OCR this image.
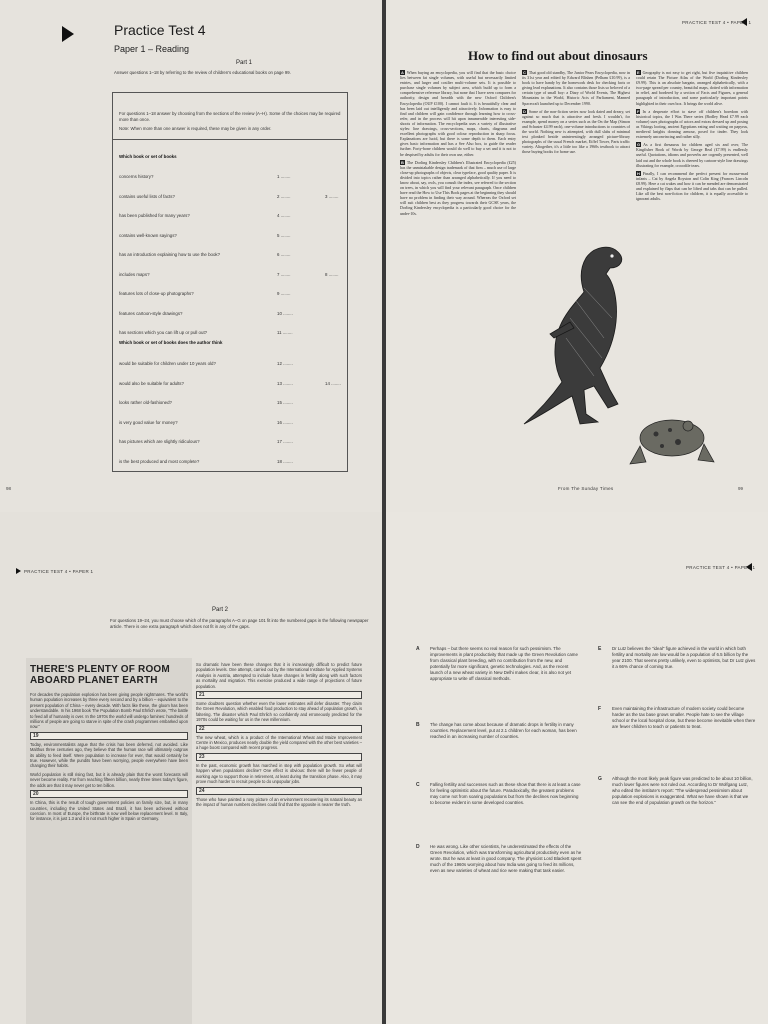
Practice Test 4
Paper 1 – Reading
Part 1
Answer questions 1–18 by referring to the review of children's educational books on page 99.
For questions 1–18 answer by choosing from the sections of the review (A–H). Some of the choices may be required more than once.
Note: When more than one answer is required, these may be given in any order.
Which book or set of books
concerns history?	1 ........
contains useful lists of facts?	2 ........	3 ........
has been published for many years?	4 ........
contains well-known sayings?	5 ........
has an introduction explaining how to use the book?	6 ........
includes maps?	7 ........	8 ........
features lots of close-up photographs?	9 ........
features cartoon-style drawings?	10 ........
has sections which you can lift up or pull out?	11 ........
Which book or set of books does the author think
would be suitable for children under 10 years old?	12 ........
would also be suitable for adults?	13 ........	14 ........
looks rather old-fashioned?	15 ........
is very good value for money?	16 ........
has pictures which are slightly ridiculous?	17 ........
is the best produced and most complete?	18 ........
98
PRACTICE TEST 4 • PAPER 1
How to find out about dinosaurs
A When buying an encyclopedia, you will find that the basic choice lies between fat single volumes, with useful but necessarily limited entries, and larger and costlier multi-volume sets. It is possible to purchase single volumes by subject area, which build up to form a comprehensive reference library, but none that I have seen compares for authority, design and breadth with the new Oxford Children's Encyclopedia (OUP £100). I cannot fault it. It is beautifully clear and has been laid out intelligently and attractively. Information is easy to find and children will gain confidence through learning how to cross-refer, and in the process will hit upon innumerable interesting side-shoots of information. The encyclopedia uses a variety of illustrative styles: line drawings, cross-sections, maps, charts, diagrams and excellent photographs with good colour reproduction in sharp focus. Explanations are lucid, but there is some depth to them. Each entry gives basic information and has a See Also box, to guide the reader further. Forty-bone children would do well to buy a set and it is not to be despised by adults for their own use, either.
B The Dorling Kindersley Children's Illustrated Encyclopedia (£25) has the unmistakable design trademark of that firm – much use of large close-up photographs of objects, clear typeface, good quality paper. It is divided into topics rather than arranged alphabetically. If you need to know about, say, owls, you consult the index, see referred to the section on trees, in which you will find your relevant paragraph. Once children have read the How to Use This Book pages at the beginning they should have no problem in finding their way around. Whereas the Oxford set will suit children best as they progress towards their GCSE years, the Dorling Kindersley encyclopedia is a particularly good choice for the under-10s.
C That good old standby, The Junior Pears Encyclopedia, now in its 31st year and edited by Edward Blishen (Pelham £10.99), is a book to have handy by the homework desk for checking facts or giving lead explanations. It also contains those lists so beloved of a certain type of small boy: a Diary of World Events, The Highest Mountains in the World, Historic Acts of Parliament, Manned Spacecraft launched up to December 1990.
D Some of the non-fiction series now look dated and dreary, set against so much that is attractive and fresh. I wouldn't, for example, spend money on a series such as the On the Map (Simon and Schuster £4.99 each), one-volume introductions to countries of the world. Nothing new is attempted, with dull slabs of minimal text plonked beside uninterestingly arranged picture-library photographs of the usual French market, Eiffel Tower, Paris traffic variety. Altogether, it's a little too like a 1960s textbook to attract those buying books for home use.
E Geography is not easy to get right, but five inquisitive children could retain The Picture Atlas of the World (Dorling Kindersley £9.99). This is an absolute bargain, arranged alphabetically, with a two-page spread per country, beautiful maps, dotted with information in relief, and bordered by a section of Facts and Figures, a general paragraph of introduction, and some particularly important points highlighted in their own box. It brings the world alive.
F In a desperate effort to stave off children's boredom with historical topics, the I Was There series (Bodley Head £7.99 each volume) uses photographs of actors and extras dressed up and posing as Vikings looting, ancient Egyptians eating and waiting on papyrus, medieval knights donning armour, posed for tinder. They look extremely unconvincing and rather silly.
G As a first thesaurus for children aged six and over, The Kingfisher Book of Words by George Beal (£7.99) is endlessly useful. Quotations, idioms and proverbs are cogently presented, well laid out and the whole book is cheered by cartoon-style line drawings illustrating for example, crocodile tears.
H Finally, I can recommend the perfect present for mouse-mad infants – Cat by Angela Royston and Colin King (Frances Lincoln £8.99). Here a cat wakes and how it can be mended are demonstrated and explained by flaps that can be lifted and tabs that can be pulled. Like all the best non-fiction for children, it is equally accessible to ignorant adults.
From The Sunday Times	99
PRACTICE TEST 4 • PAPER 1
Part 2
For questions 19–24, you must choose which of the paragraphs A–G on page 101 fit into the numbered gaps in the following newspaper article. There is one extra paragraph which does not fit in any of the gaps.
THERE'S PLENTY OF ROOM ABOARD PLANET EARTH
For decades the population explosion has been giving people nightmares. The world's human population increases by three every second and by a billion – equivalent to the present population of China – every decade. With facts like these, the gloom has been understandable. In his 1968 book The Population Bomb Paul Ehrlich wrote, "The battle to feed all of humanity is over. In the 1970s the world will undergo famines: hundreds of millions of people are going to starve in spite of the crash programmes embarked upon now."
19
Today, environmentalists argue that the crisis has been deferred, not avoided. Like Malthus three centuries ago, they believe that the human race will ultimately outgrow its ability to feed itself. Were population to increase for ever, that would certainly be true. However, while the pundits have been worrying, people everywhere have been changing their habits.
World population is still rising fast, but it is already plain that the worst forecasts will never become reality. Far from reaching fifteen billion, nearly three times today's figure, the odds are that it may never get to ten billion.
20
In China, this is the result of tough government policies on family size, but, in many countries, including the United States and Brazil, it has been achieved without coercion. In most of Europe, the birthrate is now well below replacement level. In Italy, for instance, it is just 1.3 and it is not much higher in Spain or Germany.
So dramatic have been these changes that it is increasingly difficult to predict future population levels. One attempt, carried out by the International Institute for Applied Systems Analysis in Austria, attempted to include future changes in fertility along with such factors as mortality and migration. This exercise produced a wide range of projections of future population.
21
Some doubters question whether even the lower estimates will defer disaster. They claim the Green Revolution, which enabled food production to stay ahead of population growth, is faltering. The disaster which Paul Ehrlich so confidently and erroneously predicted for the 1970s could be waiting for us in the new millennium.
22
The new wheat, which is a product of the International Wheat and Maize Improvement Centre in Mexico, produces nearly double the yield compared with the other best varieties – a huge boost compared with recent progress.
23
In the past, economic growth has marched in step with population growth. So what will happen when populations decline? One effect is obvious: there will be fewer people of working age to support those in retirement, at least during the transition phase. Also, it may prove much harder to recruit people to do unpopular jobs.
24
Those who have painted a rosy picture of an environment recovering its natural beauty as the impact of human numbers declines could find that the opposite is nearer the truth.
PRACTICE TEST 4 • PAPER 1
A Perhaps – but there seems no real reason for such pessimism. The improvements in plant productivity that made up the Green Revolution came from classical plant breeding, with no contribution from the new, and potentially far more significant, genetic technologies. And, as the recent launch of a new wheat variety in New Delhi makes clear, it is also not yet appropriate to write off classical methods.
B The change has come about because of dramatic drops in fertility in many countries. Replacement level, put at 2.1 children for each woman, has been reached in an increasing number of countries.
C Falling fertility and successes such as these show that there is at least a case for feeling optimistic about the future. Paradoxically, the greatest problems may come not from soaring populations but from the declines now beginning to become evident in some developed countries.
D He was wrong. Like other scientists, he underestimated the effects of the Green Revolution, which was transforming agricultural productivity even as he wrote. But he was at least in good company. The physicist Lord Blackett spent much of the 1960s worrying about how India was going to feed its millions, even as new varieties of wheat and rice were making that task easier.
E Dr Lutz believes the "ideal" figure achieved in the world in which both fertility and mortality are low would be a population of 6.5 billion by the year 2100. That seems pretty unlikely, even to optimists, but Dr Lutz gives it a 66% chance of coming true.
F Even maintaining the infrastructure of modern society could become harder as the tax base grows smaller. People hate to see the village school or the local hospital close, but these become inevitable when there are fewer children to teach or patients to treat.
G Although the most likely peak figure was predicted to be about 10 billion, much lower figures were not ruled out. According to Dr Wolfgang Lutz, who edited the institute's report: "The widespread pessimism about population explosions is exaggerated. What we have shown is that we can see the end of population growth on the horizon."
